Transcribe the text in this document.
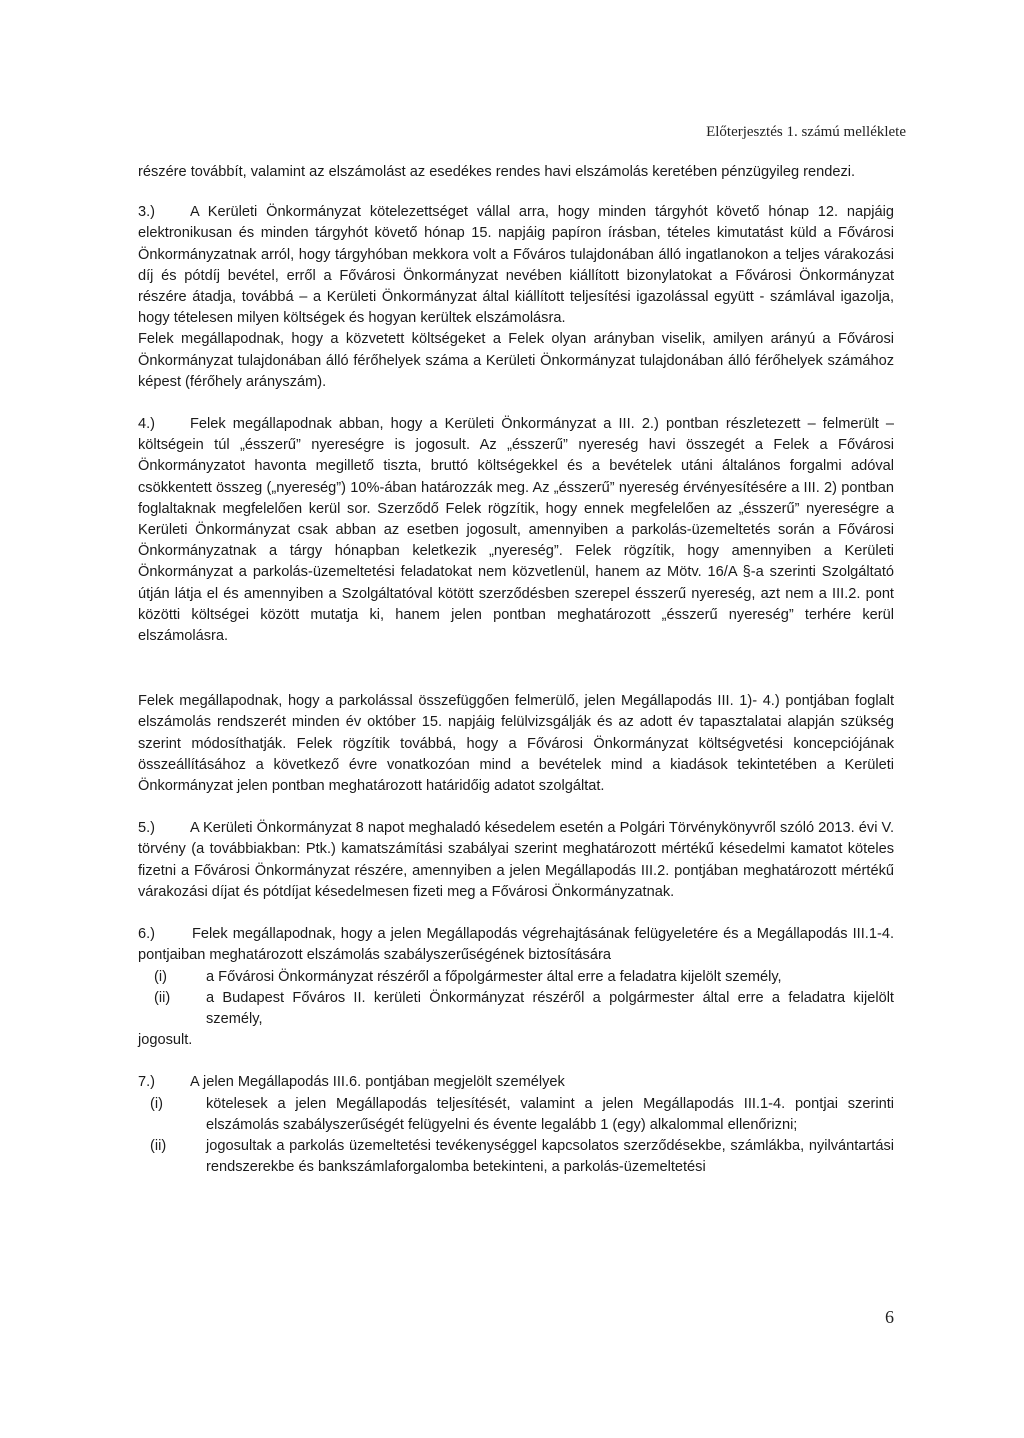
Előterjesztés 1. számú melléklete

részére továbbít, valamint az elszámolást az esedékes rendes havi elszámolás keretében pénzügyileg rendezi.

3.) A Kerületi Önkormányzat kötelezettséget vállal arra, hogy minden tárgyhót követő hónap 12. napjáig elektronikusan és minden tárgyhót követő hónap 15. napjáig papíron írásban, tételes kimutatást küld a Fővárosi Önkormányzatnak arról, hogy tárgyhóban mekkora volt a Főváros tulajdonában álló ingatlanokon a teljes várakozási díj és pótdíj bevétel, erről a Fővárosi Önkormányzat nevében kiállított bizonylatokat a Fővárosi Önkormányzat részére átadja, továbbá – a Kerületi Önkormányzat által kiállított teljesítési igazolással együtt - számlával igazolja, hogy tételesen milyen költségek és hogyan kerültek elszámolásra.

Felek megállapodnak, hogy a közvetett költségeket a Felek olyan arányban viselik, amilyen arányú a Fővárosi Önkormányzat tulajdonában álló férőhelyek száma a Kerületi Önkormányzat tulajdonában álló férőhelyek számához képest (férőhely arányszám).

4.) Felek megállapodnak abban, hogy a Kerületi Önkormányzat a III. 2.) pontban részletezett – felmerült – költségein túl „ésszerű” nyereségre is jogosult. Az „ésszerű” nyereség havi összegét a Felek a Fővárosi Önkormányzatot havonta megillető tiszta, bruttó költségekkel és a bevételek utáni általános forgalmi adóval csökkentett összeg („nyereség”) 10%-ában határozzák meg. Az „ésszerű” nyereség érvényesítésére a III. 2) pontban foglaltaknak megfelelően kerül sor. Szerződő Felek rögzítik, hogy ennek megfelelően az „ésszerű” nyereségre a Kerületi Önkormányzat csak abban az esetben jogosult, amennyiben a parkolás-üzemeltetés során a Fővárosi Önkormányzatnak a tárgy hónapban keletkezik „nyereség”. Felek rögzítik, hogy amennyiben a Kerületi Önkormányzat a parkolás-üzemeltetési feladatokat nem közvetlenül, hanem az Mötv. 16/A §-a szerinti Szolgáltató útján látja el és amennyiben a Szolgáltatóval kötött szerződésben szerepel ésszerű nyereség, azt nem a III.2. pont közötti költségei között mutatja ki, hanem jelen pontban meghatározott „ésszerű nyereség” terhére kerül elszámolásra.

Felek megállapodnak, hogy a parkolással összefüggően felmerülő, jelen Megállapodás III. 1)- 4.) pontjában foglalt elszámolás rendszerét minden év október 15. napjáig felülvizsgálják és az adott év tapasztalatai alapján szükség szerint módosíthatják. Felek rögzítik továbbá, hogy a Fővárosi Önkormányzat költségvetési koncepciójának összeállításához a következő évre vonatkozóan mind a bevételek mind a kiadások tekintetében a Kerületi Önkormányzat jelen pontban meghatározott határidőig adatot szolgáltat.

5.) A Kerületi Önkormányzat 8 napot meghaladó késedelem esetén a Polgári Törvénykönyvről szóló 2013. évi V. törvény (a továbbiakban: Ptk.) kamatszámítási szabályai szerint meghatározott mértékű késedelmi kamatot köteles fizetni a Fővárosi Önkormányzat részére, amennyiben a jelen Megállapodás III.2. pontjában meghatározott mértékű várakozási díjat és pótdíjat késedelmesen fizeti meg a Fővárosi Önkormányzatnak.

6.)	Felek megállapodnak, hogy a jelen Megállapodás végrehajtásának felügyeletére és a Megállapodás III.1-4. pontjaiban meghatározott elszámolás szabályszerűségének biztosítására

(i)	a Fővárosi Önkormányzat részéről a főpolgármester által erre a feladatra kijelölt személy,
(ii) a Budapest Főváros II. kerületi Önkormányzat részéről a polgármester által erre a feladatra kijelölt személy,

jogosult.

7.) A jelen Megállapodás III.6. pontjában megjelölt személyek

(i)	kötelesek a jelen Megállapodás teljesítését, valamint a jelen Megállapodás III.1-4. pontjai szerinti elszámolás szabályszerűségét felügyelni és évente legalább 1 (egy) alkalommal ellenőrizni;
(ii)	jogosultak a parkolás üzemeltetési tevékenységgel kapcsolatos szerződésekbe, számlákba, nyilvántartási rendszerekbe és bankszámlaforgalomba betekinteni, a parkolás-üzemeltetési
6
